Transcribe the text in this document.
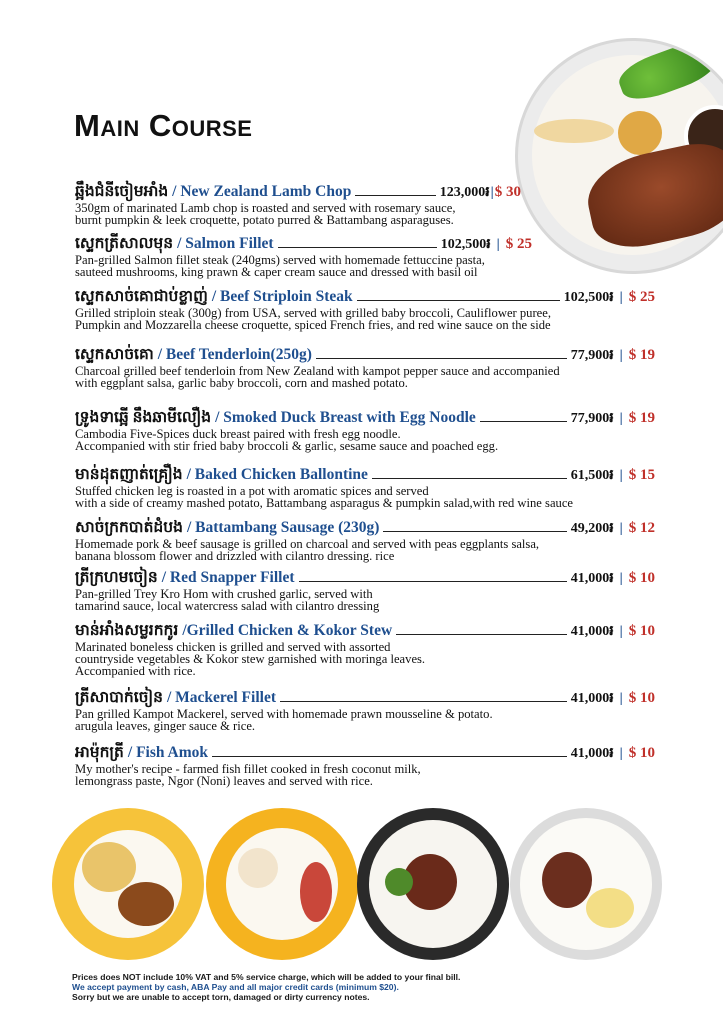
Main Course
ឆ្អឹងជំនីចៀមអាំង / New Zealand Lamb Chop	123,000៛ | $ 30

350gm of marinated Lamb chop is roasted and served with rosemary sauce,

burnt pumpkin & leek croquette, potato purred & Battambang asparaguses.

ស្ទេកត្រីសាលមុន / Salmon Fillet	102,500៛ | $ 25

Pan-grilled Salmon fillet steak (240gms) served with homemade fettuccine pasta,

sauteed mushrooms, king prawn & caper cream sauce and dressed with basil oil

ស្ទេកសាច់គោជាប់ខ្លាញ់ / Beef Striploin Steak	102,500៛ | $ 25

Grilled striploin steak (300g) from USA, served with grilled baby broccoli, Cauliflower puree,

Pumpkin and Mozzarella cheese croquette, spiced French fries, and red wine sauce on the side

ស្ទេកសាច់គោ / Beef Tenderloin(250g)	77,900៛ | $ 19

Charcoal grilled beef tenderloin from New Zealand with kampot pepper sauce and accompanied

with eggplant salsa, garlic baby broccoli, corn and mashed potato.

ទ្រូងទាឆ្អើ នឹងឆាមីលឿង / Smoked Duck Breast with Egg Noodle	77,900៛ | $ 19

Cambodia Five-Spices duck breast paired with fresh egg noodle.

Accompanied with stir fried baby broccoli & garlic, sesame sauce and poached egg.

មាន់ដុតញាត់គ្រឿង / Baked Chicken Ballontine	61,500៛ | $ 15

Stuffed chicken leg is roasted in a pot with aromatic spices and served

with a side of creamy mashed potato, Battambang asparagus & pumpkin salad,with red wine sauce

សាច់ក្រកបាត់ដំបង / Battambang Sausage (230g)	49,200៛ | $ 12

Homemade pork & beef sausage is grilled on charcoal and served with peas eggplants salsa,

banana blossom flower and drizzled with cilantro dressing. rice

ត្រីក្រហមចៀន / Red Snapper Fillet	41,000៛ | $ 10

Pan-grilled Trey Kro Hom with crushed garlic, served with

tamarind sauce, local watercress salad with cilantro dressing

មាន់អាំងសម្លរកកូរ /Grilled Chicken & Kokor Stew	41,000៛ | $ 10

Marinated boneless chicken is grilled and served with assorted

countryside vegetables & Kokor stew garnished with moringa leaves.

Accompanied with rice.

ត្រីសាបាក់ចៀន / Mackerel Fillet	41,000៛ | $ 10

Pan grilled Kampot Mackerel, served with homemade prawn mousseline & potato.

arugula leaves, ginger sauce & rice.

អាម៉ុកត្រី / Fish Amok	41,000៛ | $ 10

My mother's recipe - farmed fish fillet cooked in fresh coconut milk,

lemongrass paste, Ngor (Noni) leaves and served with rice.

Prices does NOT include 10% VAT and 5% service charge, which will be added to your final bill.
We accept payment by cash, ABA Pay and all major credit cards (minimum $20).
Sorry but we are unable to accept torn, damaged or dirty currency notes.
